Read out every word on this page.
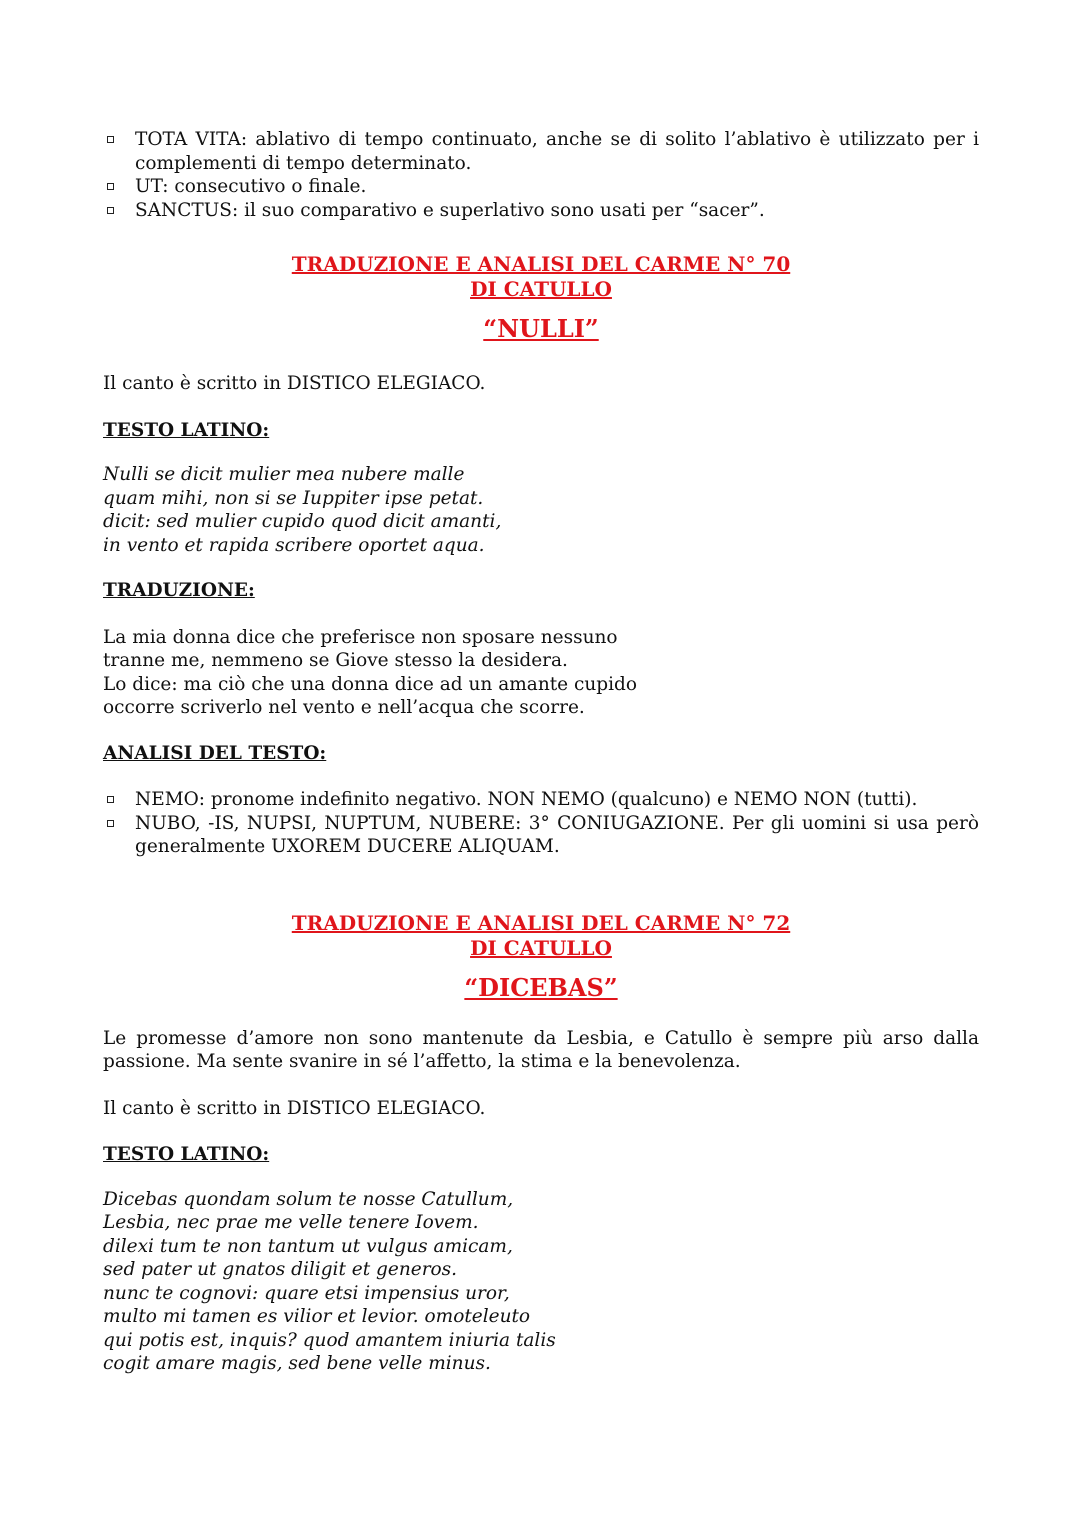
TOTA VITA: ablativo di tempo continuato, anche se di solito l’ablativo è utilizzato per i complementi di tempo determinato.
UT: consecutivo o finale.
SANCTUS: il suo comparativo e superlativo sono usati per “sacer”.
TRADUZIONE E ANALISI DEL CARME N° 70
DI CATULLO
“NULLI”

Il canto è scritto in DISTICO ELEGIACO.

TESTO LATINO:
Nulli se dicit mulier mea nubere malle
quam mihi, non si se Iuppiter ipse petat.
dicit: sed mulier cupido quod dicit amanti,
in vento et rapida scribere oportet aqua.
TRADUZIONE:
La mia donna dice che preferisce non sposare nessuno
tranne me, nemmeno se Giove stesso la desidera.
Lo dice: ma ciò che una donna dice ad un amante cupido
occorre scriverlo nel vento e nell’acqua che scorre.
ANALISI DEL TESTO:
NEMO: pronome indefinito negativo. NON NEMO (qualcuno) e NEMO NON (tutti).
NUBO, -IS, NUPSI, NUPTUM, NUBERE: 3° CONIUGAZIONE. Per gli uomini si usa però generalmente UXOREM DUCERE ALIQUAM.
TRADUZIONE E ANALISI DEL CARME N° 72
DI CATULLO
“DICEBAS”

Le promesse d’amore non sono mantenute da Lesbia, e Catullo è sempre più arso dalla passione. Ma sente svanire in sé l’affetto, la stima e la benevolenza.

Il canto è scritto in DISTICO ELEGIACO.

TESTO LATINO:
Dicebas quondam solum te nosse Catullum,
Lesbia, nec prae me velle tenere Iovem.
dilexi tum te non tantum ut vulgus amicam,
sed pater ut gnatos diligit et generos.
nunc te cognovi: quare etsi impensius uror,
multo mi tamen es vilior et levior. omoteleuto
qui potis est, inquis? quod amantem iniuria talis
cogit amare magis, sed bene velle minus.
